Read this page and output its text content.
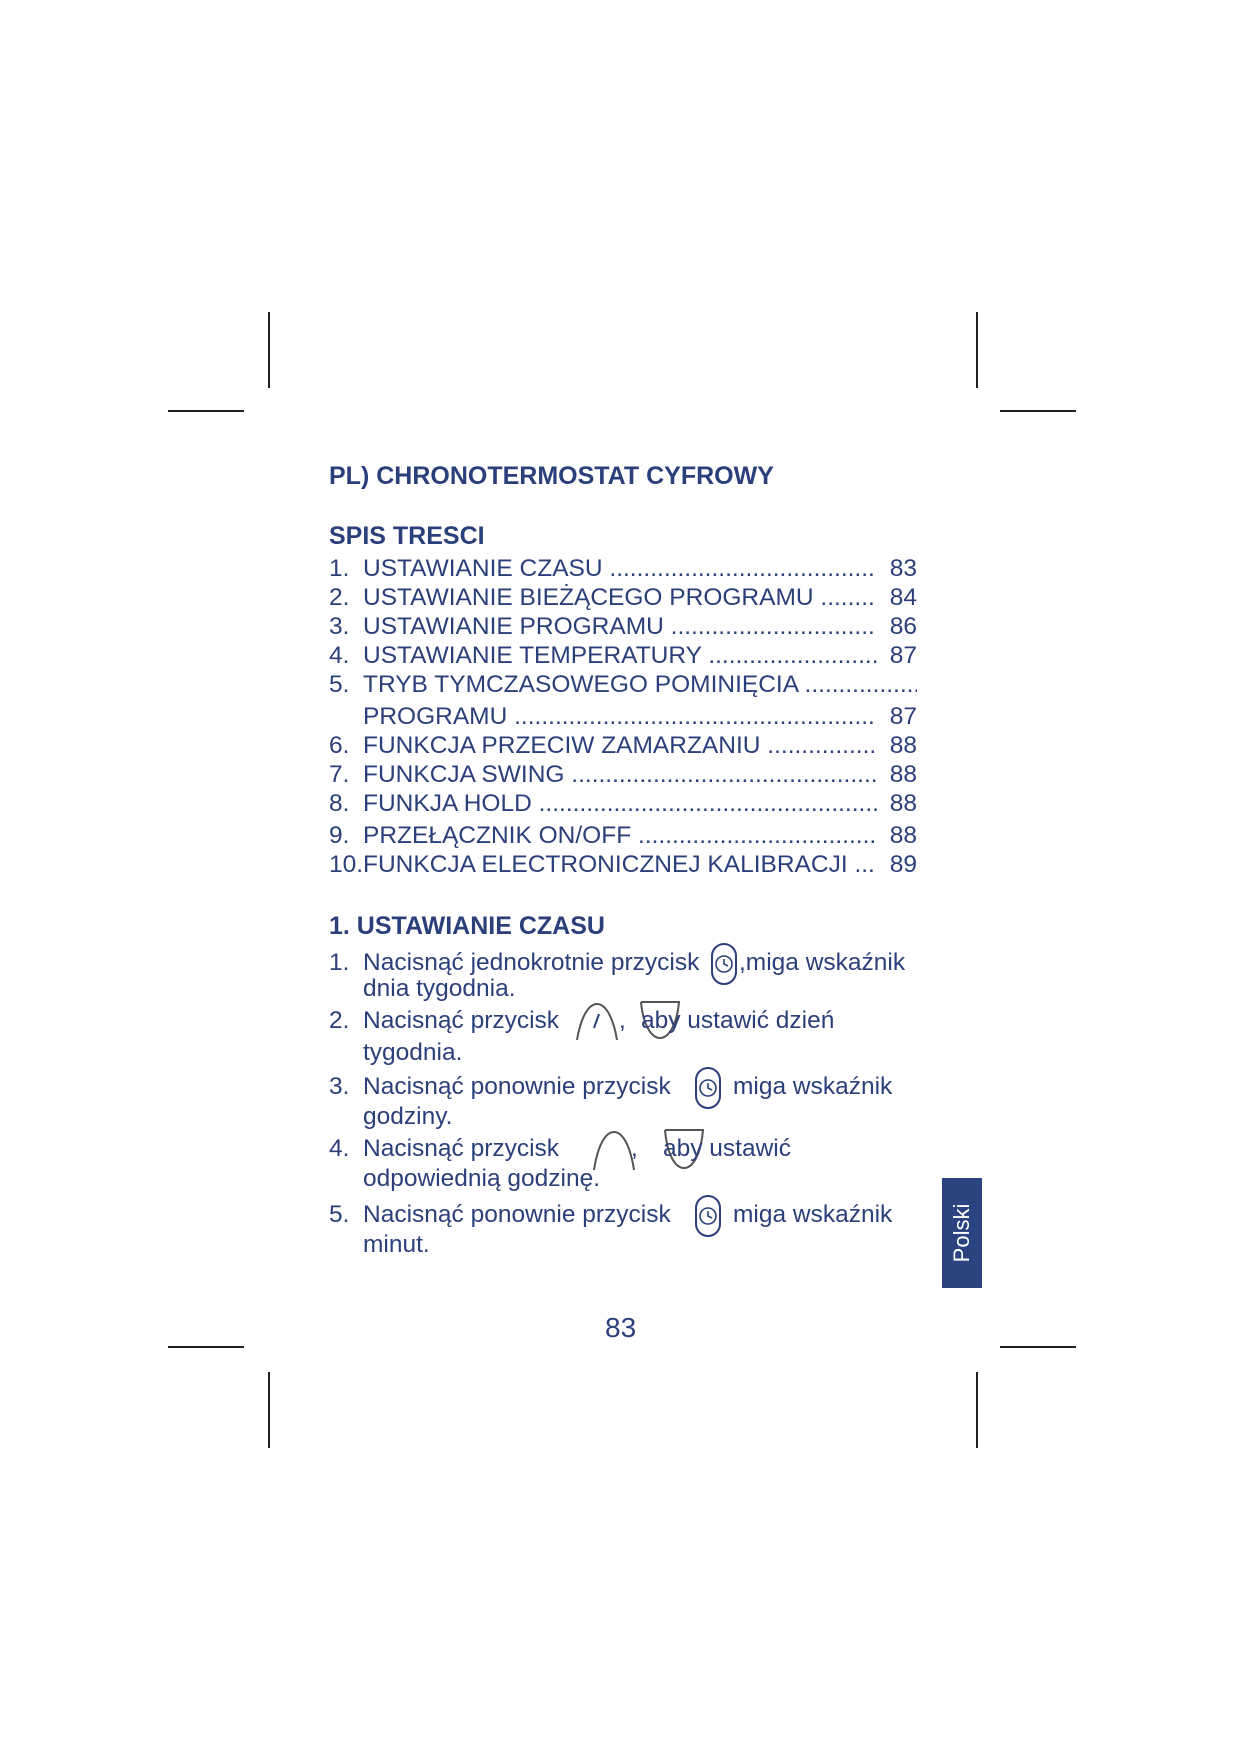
PL) CHRONOTERMOSTAT CYFROWY
SPIS TRESCI
1. USTAWIANIE CZASU .....	83
2. USTAWIANIE BIEŻĄCEGO PROGRAMU .....	84
3. USTAWIANIE PROGRAMU .....	86
4. USTAWIANIE TEMPERATURY .....	87
5. TRYB TYMCZASOWEGO POMINIĘCIA .....
PROGRAMU .....	87
6. FUNKCJA PRZECIW ZAMARZANIU .....	88
7. FUNKCJA SWING .....	88
8. FUNKJA HOLD .....	88
9. PRZEŁĄCZNIK ON/OFF .....	88
10. FUNKCJA ELECTRONICZNEJ KALIBRACJI .....	89
1. USTAWIANIE CZASU
1. Nacisnąć jednokrotnie przycisk ,miga wskaźnik
dnia tygodnia.
2. Nacisnąć przycisk , aby ustawić dzień
tygodnia.
3. Nacisnąć ponownie przycisk	miga wskaźnik
godziny.
4. Nacisnąć przycisk	, aby ustawić
odpowiednią godzinę.
5. Nacisnąć ponownie przycisk	miga wskaźnik
minut.
83
Polski
